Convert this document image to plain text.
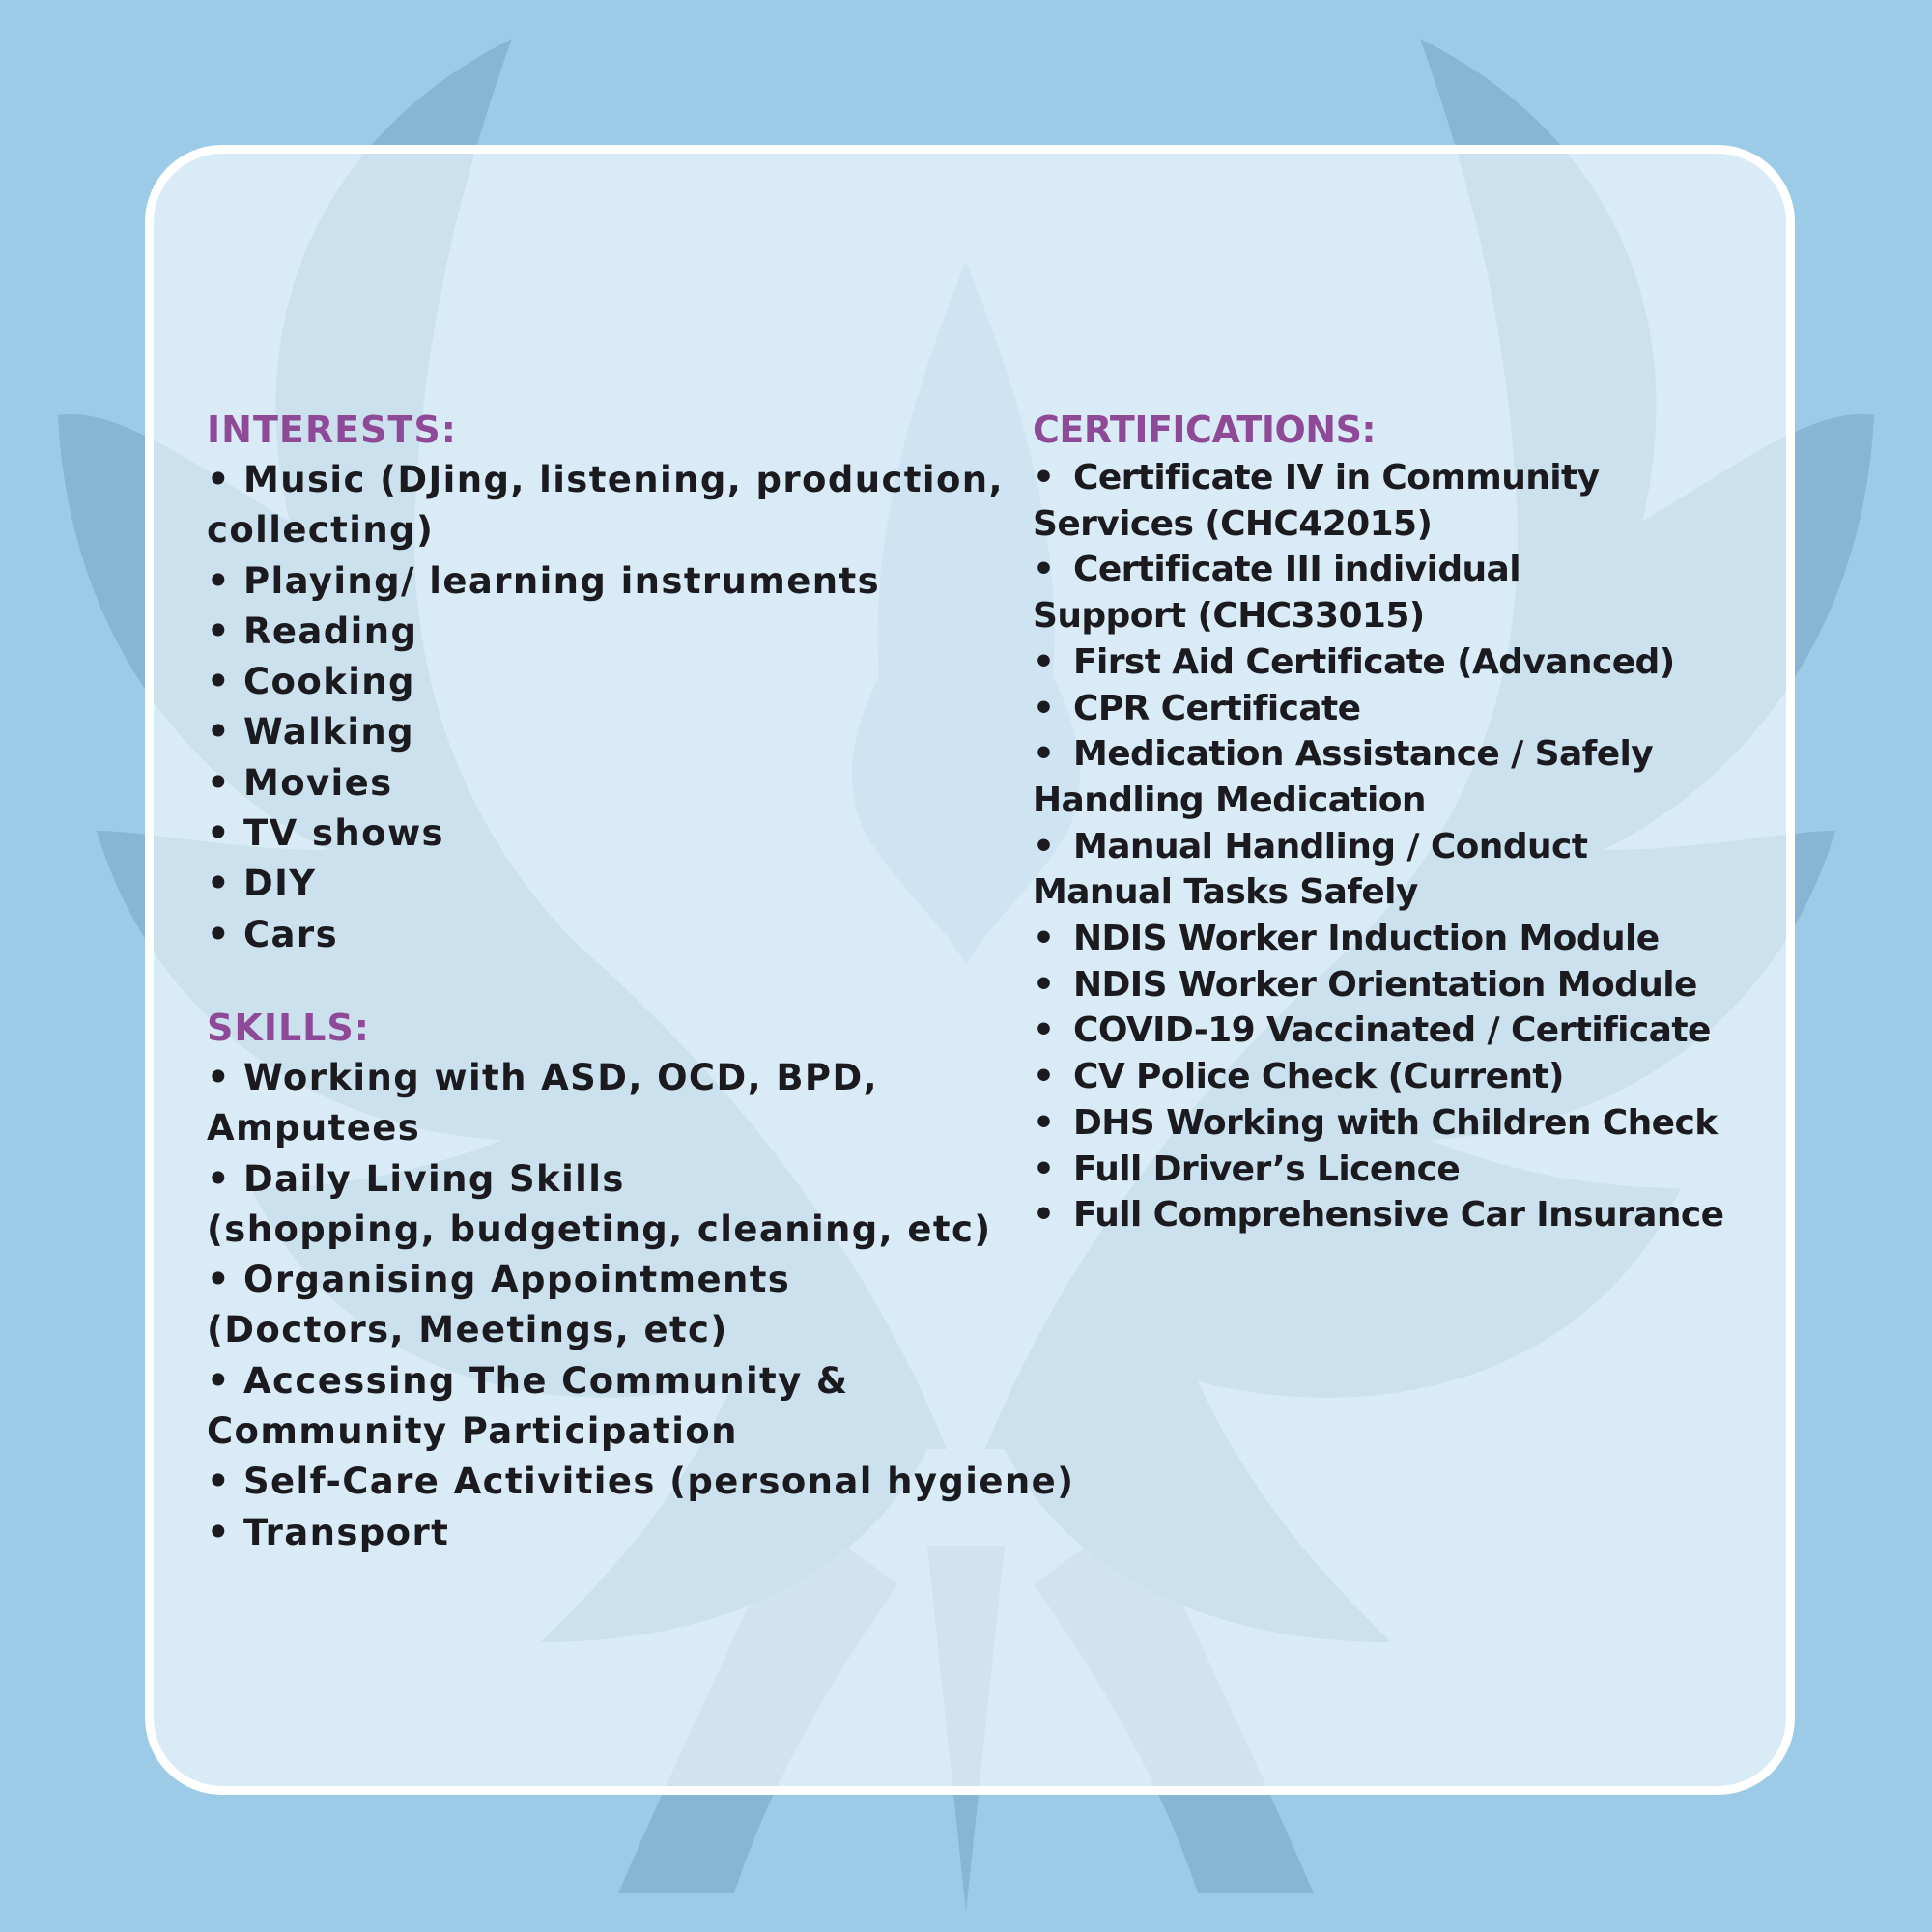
INTERESTS:
• Music (DJing, listening, production,
collecting)
• Playing/ learning instruments
• Reading
• Cooking
• Walking
• Movies
• TV shows
• DIY
• Cars
SKILLS:
• Working with ASD, OCD, BPD,
Amputees
• Daily Living Skills
(shopping, budgeting, cleaning, etc)
• Organising Appointments
(Doctors, Meetings, etc)
• Accessing The Community &
Community Participation
• Self-Care Activities (personal hygiene)
• Transport
CERTIFICATIONS:
• Certificate IV in Community
Services (CHC42015)
• Certificate III individual
Support (CHC33015)
• First Aid Certificate (Advanced)
• CPR Certificate
• Medication Assistance / Safely
Handling Medication
• Manual Handling / Conduct
Manual Tasks Safely
• NDIS Worker Induction Module
• NDIS Worker Orientation Module
• COVID-19 Vaccinated / Certificate
• CV Police Check (Current)
• DHS Working with Children Check
• Full Driver’s Licence
• Full Comprehensive Car Insurance
